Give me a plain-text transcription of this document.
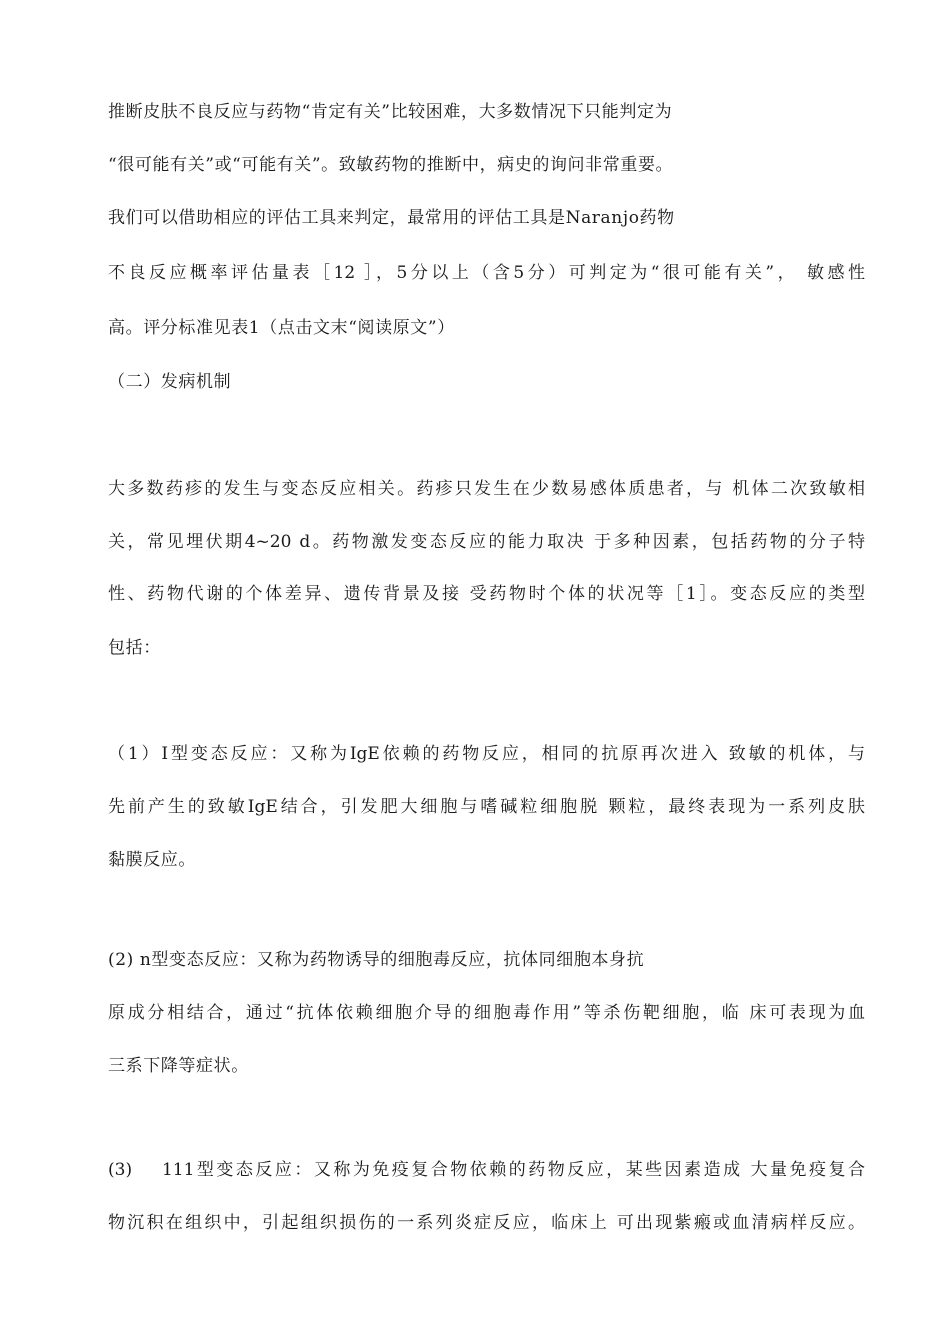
推断皮肤不良反应与药物“肯定有关”比较困难，大多数情况下只能判定为
“很可能有关”或“可能有关”。致敏药物的推断中，病史的询问非常重要。
我们可以借助相应的评估工具来判定，最常用的评估工具是Naranjo药物
不良反应概率评估量表［12 ］，5分以上（含5分）可判定为“很可能有关”， 敏感性
高。评分标准见表1（点击文末“阅读原文”）
（二）发病机制
大多数药疹的发生与变态反应相关。药疹只发生在少数易感体质患者，与 机体二次致敏相
关，常见埋伏期4~20 d。药物激发变态反应的能力取决 于多种因素，包括药物的分子特
性、药物代谢的个体差异、遗传背景及接 受药物时个体的状况等［1］。变态反应的类型
包括：
（1）I型变态反应：又称为IgE依赖的药物反应，相同的抗原再次进入 致敏的机体，与
先前产生的致敏IgE结合，引发肥大细胞与嗜碱粒细胞脱 颗粒，最终表现为一系列皮肤
黏膜反应。
(2) n型变态反应：又称为药物诱导的细胞毒反应，抗体同细胞本身抗
原成分相结合，通过“抗体依赖细胞介导的细胞毒作用”等杀伤靶细胞，临 床可表现为血
三系下降等症状。
(3)　 111型变态反应：又称为免疫复合物依赖的药物反应，某些因素造成 大量免疫复合
物沉积在组织中，引起组织损伤的一系列炎症反应，临床上 可出现紫瘢或血清病样反应。
